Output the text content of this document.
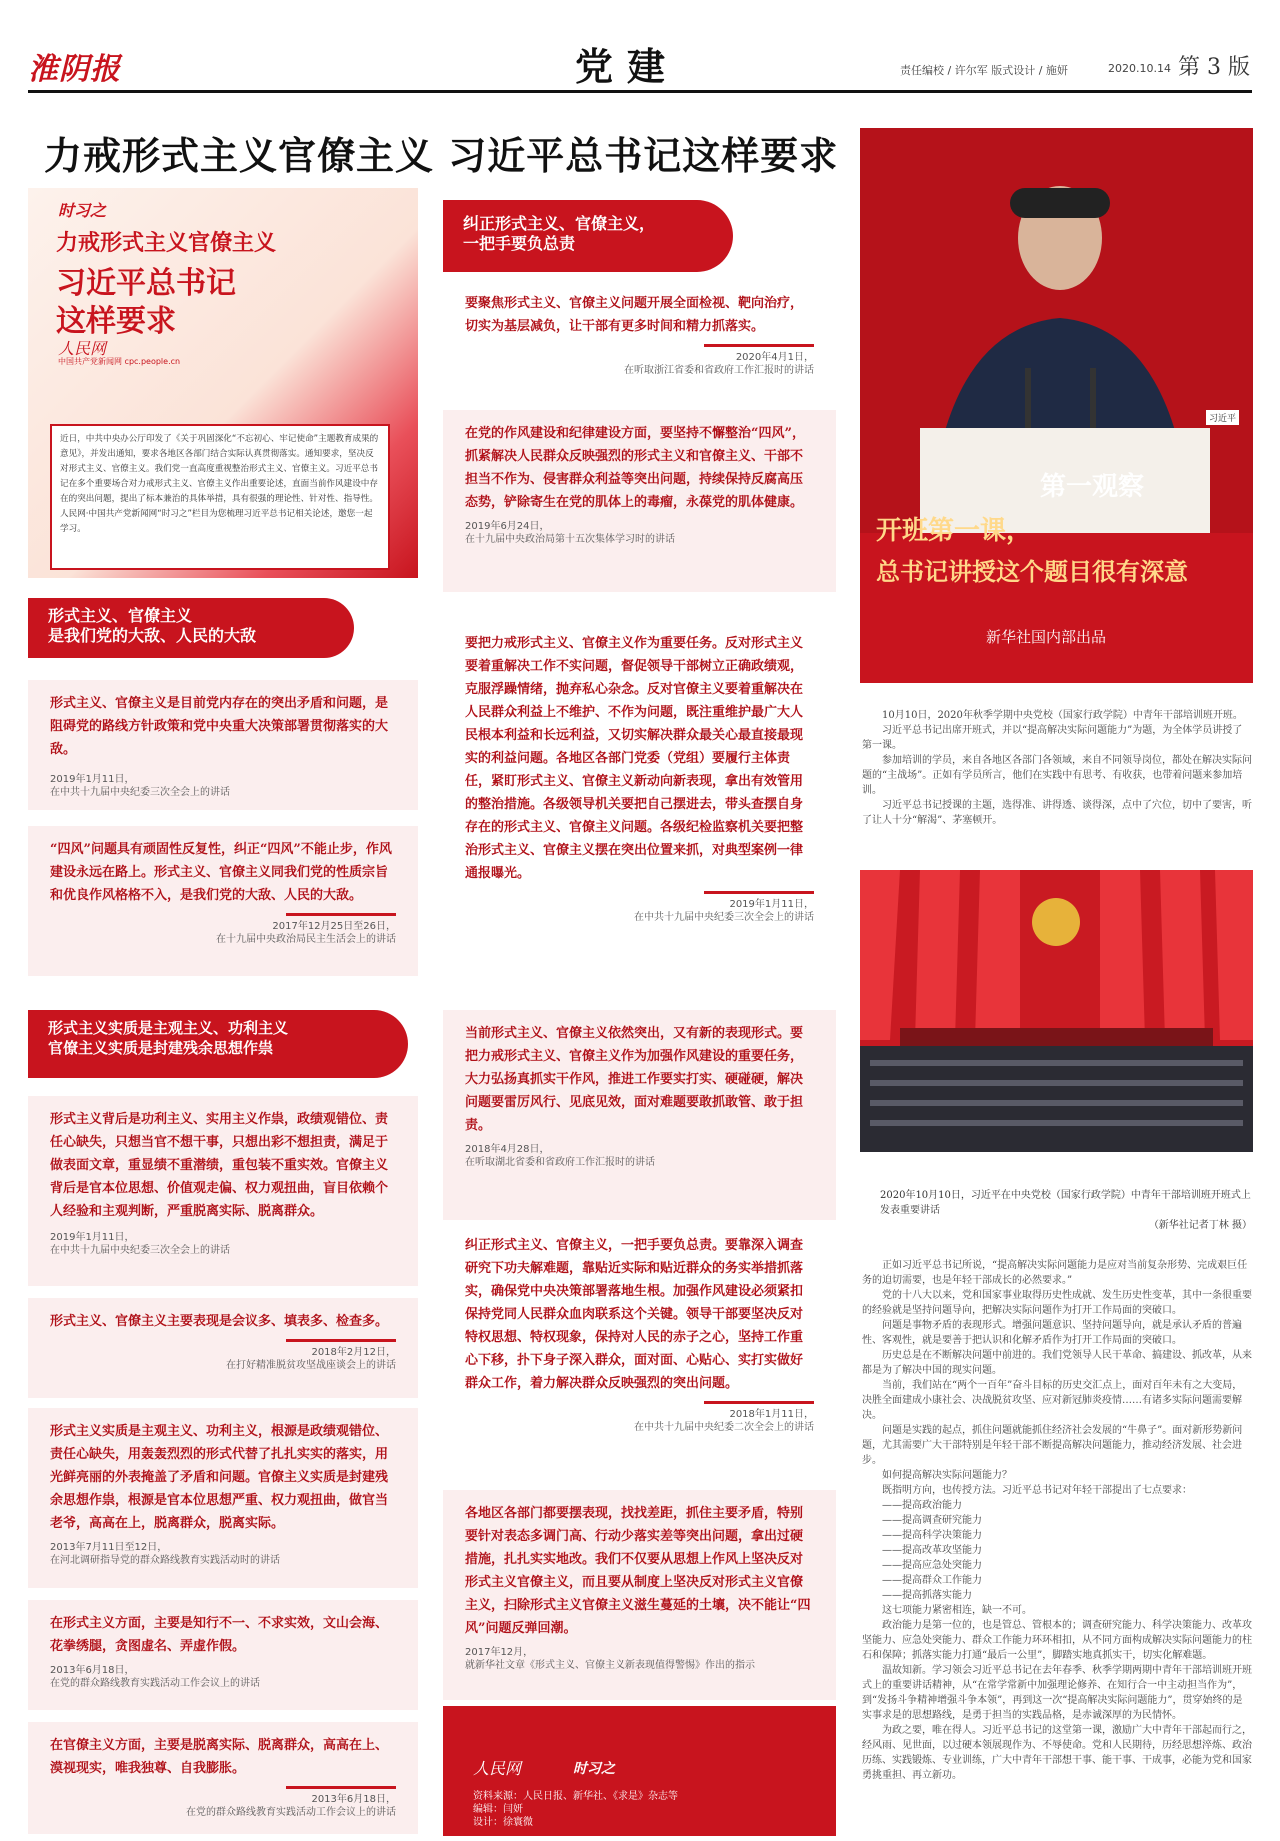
淮阴报	党建	责任编校 / 许尔军 版式设计 / 施妍	2020.10.14 第 3 版
力戒形式主义官僚主义 习近平总书记这样要求
时习之
力戒形式主义官僚主义
习近平总书记
这样要求
人民网
中国共产党新闻网 cpc.people.cn
近日，中共中央办公厅印发了《关于巩固深化“不忘初心、牢记使命”主题教育成果的意见》，并发出通知，要求各地区各部门结合实际认真贯彻落实。通知要求，坚决反对形式主义、官僚主义。我们党一直高度重视整治形式主义、官僚主义。习近平总书记在多个重要场合对力戒形式主义、官僚主义作出重要论述，直面当前作风建设中存在的突出问题，提出了标本兼治的具体举措，具有很强的理论性、针对性、指导性。人民网·中国共产党新闻网“时习之”栏目为您梳理习近平总书记相关论述，邀您一起学习。
形式主义、官僚主义
是我们党的大敌、人民的大敌
形式主义、官僚主义是目前党内存在的突出矛盾和问题，是阻碍党的路线方针政策和党中央重大决策部署贯彻落实的大敌。
2019年1月11日，
在中共十九届中央纪委三次全会上的讲话
“四风”问题具有顽固性反复性，纠正“四风”不能止步，作风建设永远在路上。形式主义、官僚主义同我们党的性质宗旨和优良作风格格不入，是我们党的大敌、人民的大敌。
2017年12月25日至26日，
在十九届中央政治局民主生活会上的讲话
形式主义实质是主观主义、功利主义
官僚主义实质是封建残余思想作祟
形式主义背后是功利主义、实用主义作祟，政绩观错位、责任心缺失，只想当官不想干事，只想出彩不想担责，满足于做表面文章，重显绩不重潜绩，重包装不重实效。官僚主义背后是官本位思想、价值观走偏、权力观扭曲，盲目依赖个人经验和主观判断，严重脱离实际、脱离群众。
2019年1月11日，
在中共十九届中央纪委三次全会上的讲话
形式主义、官僚主义主要表现是会议多、填表多、检查多。
2018年2月12日，
在打好精准脱贫攻坚战座谈会上的讲话
形式主义实质是主观主义、功利主义，根源是政绩观错位、责任心缺失，用轰轰烈烈的形式代替了扎扎实实的落实，用光鲜亮丽的外表掩盖了矛盾和问题。官僚主义实质是封建残余思想作祟，根源是官本位思想严重、权力观扭曲，做官当老爷，高高在上，脱离群众，脱离实际。
2013年7月11日至12日，
在河北调研指导党的群众路线教育实践活动时的讲话
在形式主义方面，主要是知行不一、不求实效，文山会海、花拳绣腿，贪图虚名、弄虚作假。
2013年6月18日，
在党的群众路线教育实践活动工作会议上的讲话
在官僚主义方面，主要是脱离实际、脱离群众，高高在上、漠视现实，唯我独尊、自我膨胀。
2013年6月18日，
在党的群众路线教育实践活动工作会议上的讲话
纠正形式主义、官僚主义，
一把手要负总责
要聚焦形式主义、官僚主义问题开展全面检视、靶向治疗，切实为基层减负，让干部有更多时间和精力抓落实。
2020年4月1日，
在听取浙江省委和省政府工作汇报时的讲话
在党的作风建设和纪律建设方面，要坚持不懈整治“四风”，抓紧解决人民群众反映强烈的形式主义和官僚主义、干部不担当不作为、侵害群众利益等突出问题，持续保持反腐高压态势，铲除寄生在党的肌体上的毒瘤，永葆党的肌体健康。
2019年6月24日，
在十九届中央政治局第十五次集体学习时的讲话
要把力戒形式主义、官僚主义作为重要任务。反对形式主义要着重解决工作不实问题，督促领导干部树立正确政绩观，克服浮躁情绪，抛弃私心杂念。反对官僚主义要着重解决在人民群众利益上不维护、不作为问题，既注重维护最广大人民根本利益和长远利益，又切实解决群众最关心最直接最现实的利益问题。各地区各部门党委（党组）要履行主体责任，紧盯形式主义、官僚主义新动向新表现，拿出有效管用的整治措施。各级领导机关要把自己摆进去，带头查摆自身存在的形式主义、官僚主义问题。各级纪检监察机关要把整治形式主义、官僚主义摆在突出位置来抓，对典型案例一律通报曝光。
2019年1月11日，
在中共十九届中央纪委三次全会上的讲话
当前形式主义、官僚主义依然突出，又有新的表现形式。要把力戒形式主义、官僚主义作为加强作风建设的重要任务，大力弘扬真抓实干作风，推进工作要实打实、硬碰硬，解决问题要雷厉风行、见底见效，面对难题要敢抓敢管、敢于担责。
2018年4月28日，
在听取湖北省委和省政府工作汇报时的讲话
纠正形式主义、官僚主义，一把手要负总责。要靠深入调查研究下功夫解难题，靠贴近实际和贴近群众的务实举措抓落实，确保党中央决策部署落地生根。加强作风建设必须紧扣保持党同人民群众血肉联系这个关键。领导干部要坚决反对特权思想、特权现象，保持对人民的赤子之心，坚持工作重心下移，扑下身子深入群众，面对面、心贴心、实打实做好群众工作，着力解决群众反映强烈的突出问题。
2018年1月11日，
在中共十九届中央纪委二次全会上的讲话
各地区各部门都要摆表现，找找差距，抓住主要矛盾，特别要针对表态多调门高、行动少落实差等突出问题，拿出过硬措施，扎扎实实地改。我们不仅要从思想上作风上坚决反对形式主义官僚主义，而且要从制度上坚决反对形式主义官僚主义，扫除形式主义官僚主义滋生蔓延的土壤，决不能让“四风”问题反弹回潮。
2017年12月，
就新华社文章《形式主义、官僚主义新表现值得警惕》作出的指示
人民网	时习之
资料来源：人民日报、新华社、《求是》杂志等
编辑：闫妍
设计：徐寰微
习近平
第一观察
开班第一课，
总书记讲授这个题目很有深意
新华社国内部出品

10月10日，2020年秋季学期中央党校（国家行政学院）中青年干部培训班开班。

习近平总书记出席开班式，并以“提高解决实际问题能力”为题，为全体学员讲授了第一课。

参加培训的学员，来自各地区各部门各领域，来自不同领导岗位，都处在解决实际问题的“主战场”。正如有学员所言，他们在实践中有思考、有收获，也带着问题来参加培训。

习近平总书记授课的主题，选得准、讲得透、谈得深，点中了穴位，切中了要害，听了让人十分“解渴”、茅塞顿开。

2020年10月10日，习近平在中央党校（国家行政学院）中青年干部培训班开班式上发表重要讲话
（新华社记者丁林 摄）

正如习近平总书记所说，“提高解决实际问题能力是应对当前复杂形势、完成艰巨任务的迫切需要，也是年轻干部成长的必然要求。”

党的十八大以来，党和国家事业取得历史性成就、发生历史性变革，其中一条很重要的经验就是坚持问题导向，把解决实际问题作为打开工作局面的突破口。

问题是事物矛盾的表现形式。增强问题意识、坚持问题导向，就是承认矛盾的普遍性、客观性，就是要善于把认识和化解矛盾作为打开工作局面的突破口。

历史总是在不断解决问题中前进的。我们党领导人民干革命、搞建设、抓改革，从来都是为了解决中国的现实问题。

当前，我们站在“两个一百年”奋斗目标的历史交汇点上，面对百年未有之大变局，决胜全面建成小康社会、决战脱贫攻坚、应对新冠肺炎疫情……有诸多实际问题需要解决。

问题是实践的起点，抓住问题就能抓住经济社会发展的“牛鼻子”。面对新形势新问题，尤其需要广大干部特别是年轻干部不断提高解决问题能力，推动经济发展、社会进步。

如何提高解决实际问题能力？

既指明方向，也传授方法。习近平总书记对年轻干部提出了七点要求：

——提高政治能力

——提高调查研究能力

——提高科学决策能力

——提高改革攻坚能力

——提高应急处突能力

——提高群众工作能力

——提高抓落实能力

这七项能力紧密相连，缺一不可。

政治能力是第一位的，也是管总、管根本的；调查研究能力、科学决策能力、改革攻坚能力、应急处突能力、群众工作能力环环相扣，从不同方面构成解决实际问题能力的柱石和保障；抓落实能力打通“最后一公里”，脚踏实地真抓实干，切实化解难题。

温故知新。学习领会习近平总书记在去年春季、秋季学期两期中青年干部培训班开班式上的重要讲话精神，从“在常学常新中加强理论修养、在知行合一中主动担当作为”，到“发扬斗争精神增强斗争本领”，再到这一次“提高解决实际问题能力”，贯穿始终的是实事求是的思想路线，是勇于担当的实践品格，是赤诚深厚的为民情怀。

为政之要，唯在得人。习近平总书记的这堂第一课，激励广大中青年干部起而行之，经风雨、见世面，以过硬本领展现作为、不辱使命。党和人民期待，历经思想淬炼、政治历练、实践锻炼、专业训练，广大中青年干部想干事、能干事、干成事，必能为党和国家勇挑重担、再立新功。
